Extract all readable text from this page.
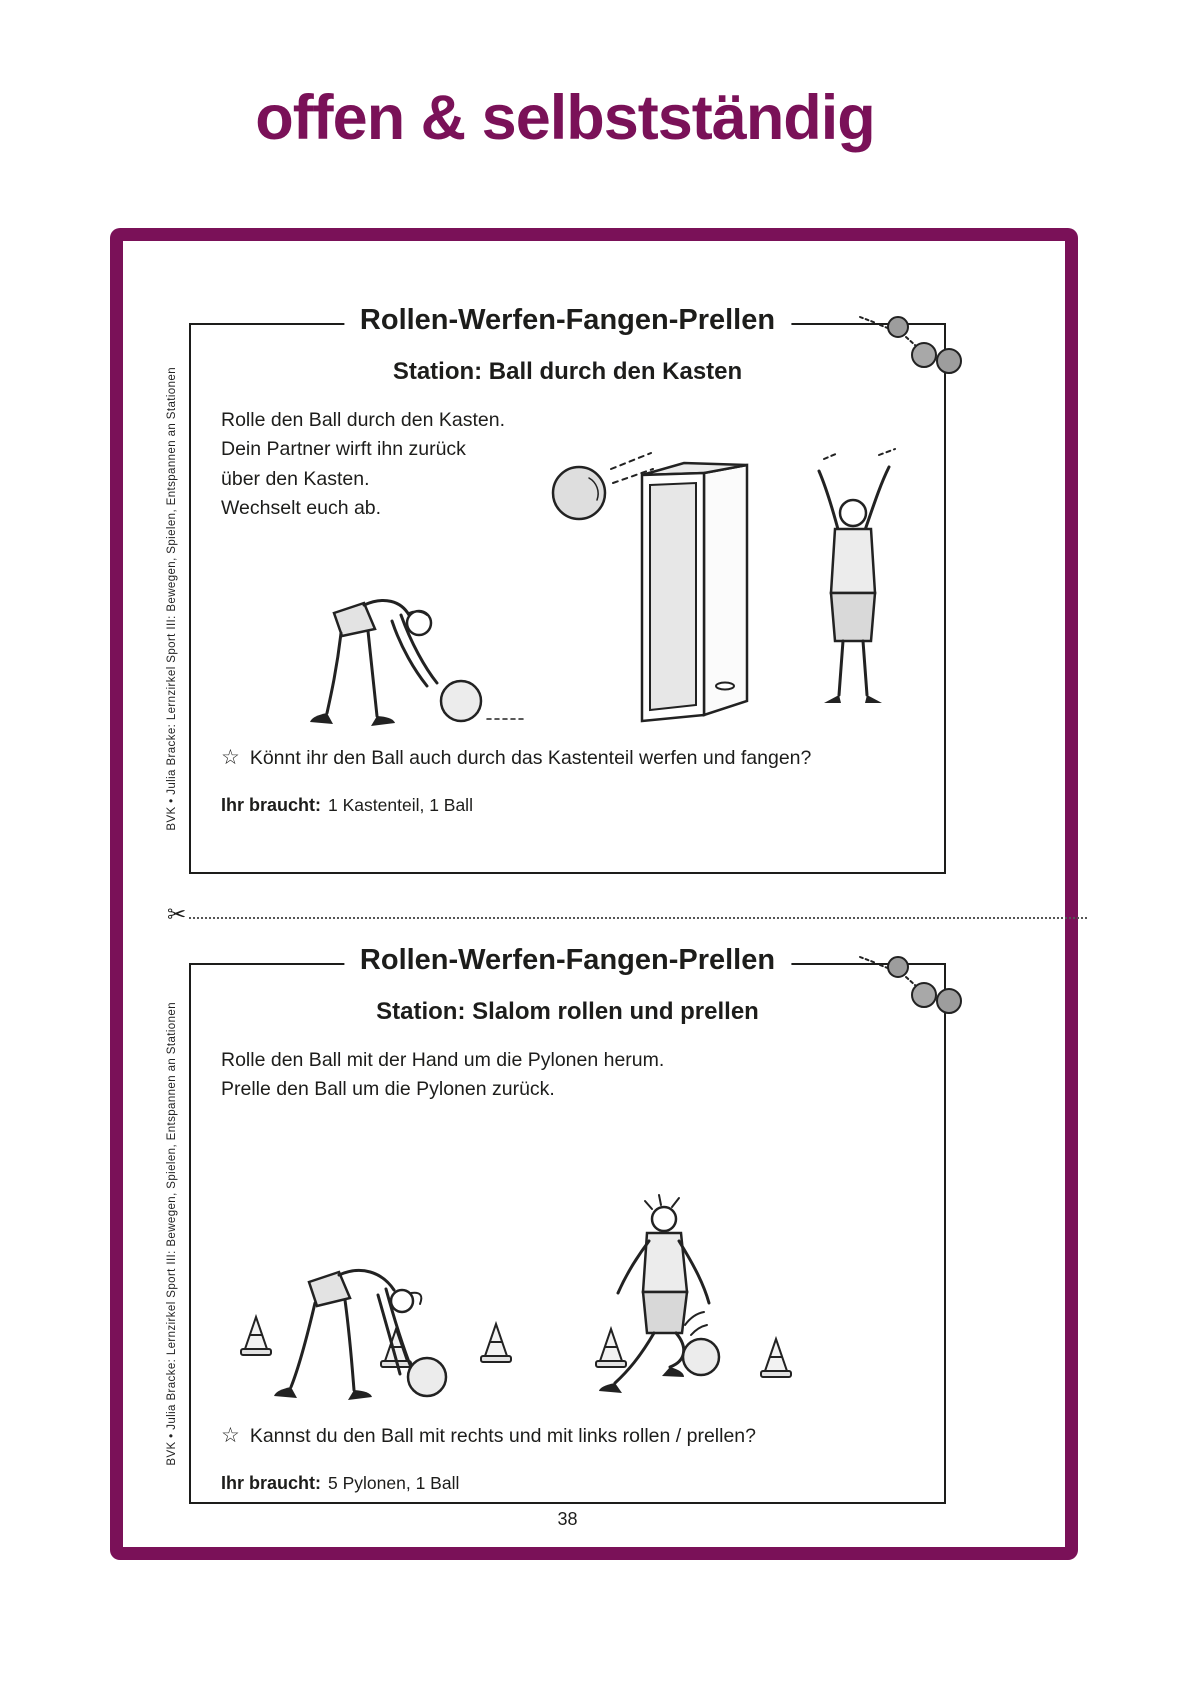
offen & selbstständig
BVK • Julia Bracke: Lernzirkel Sport III: Bewegen, Spielen, Entspannen an Stationen
Rollen-Werfen-Fangen-Prellen
Station: Ball durch den Kasten
Rolle den Ball durch den Kasten.
Dein Partner wirft ihn zurück
über den Kasten.
Wechselt euch ab.
☆ Könnt ihr den Ball auch durch das Kastenteil werfen und fangen?
Ihr braucht: 1 Kastenteil, 1 Ball
✂
BVK • Julia Bracke: Lernzirkel Sport III: Bewegen, Spielen, Entspannen an Stationen
Rollen-Werfen-Fangen-Prellen
Station: Slalom rollen und prellen
Rolle den Ball mit der Hand um die Pylonen herum.
Prelle den Ball um die Pylonen zurück.
☆ Kannst du den Ball mit rechts und mit links rollen / prellen?
Ihr braucht: 5 Pylonen, 1 Ball
38
